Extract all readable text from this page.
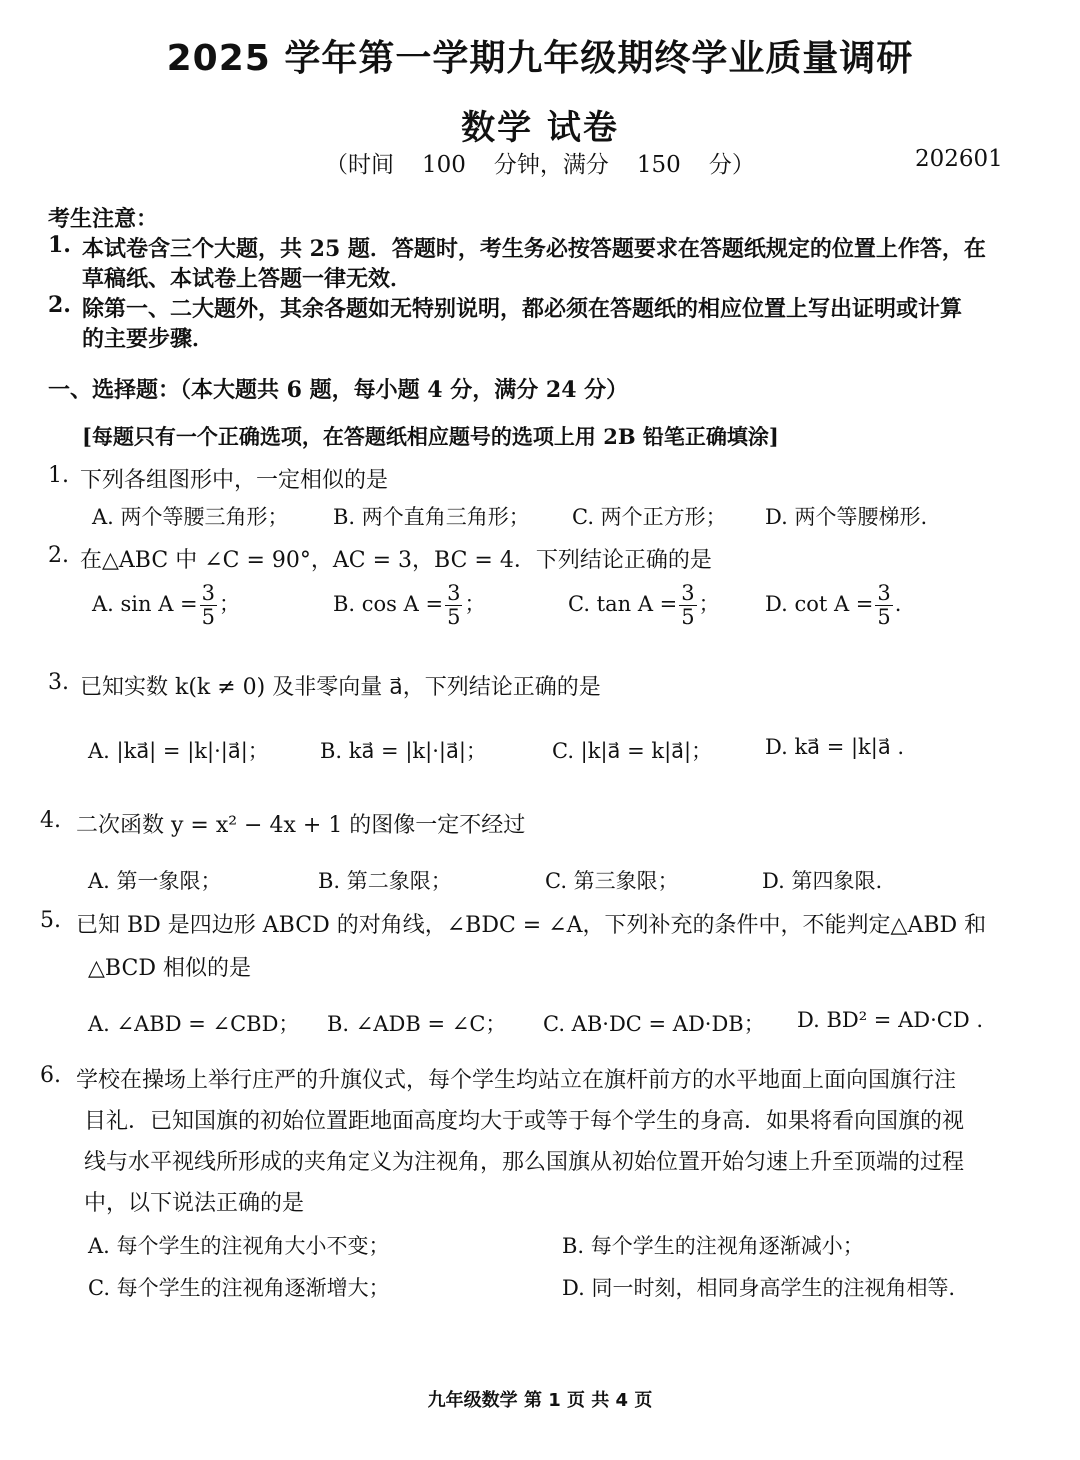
2025 学年第一学期九年级期终学业质量调研
数学 试卷
（时间 100 分钟，满分 150 分）	202601
考生注意：
1. 本试卷含三个大题，共 25 题．答题时，考生务必按答题要求在答题纸规定的位置上作答，在
草稿纸、本试卷上答题一律无效．
2. 除第一、二大题外，其余各题如无特别说明，都必须在答题纸的相应位置上写出证明或计算
的主要步骤．
一、选择题：（本大题共 6 题，每小题 4 分，满分 24 分）
[每题只有一个正确选项，在答题纸相应题号的选项上用 2B 铅笔正确填涂]
1. 下列各组图形中，一定相似的是
A. 两个等腰三角形； B. 两个直角三角形； C. 两个正方形； D. 两个等腰梯形.
2. 在△ABC 中 ∠C = 90°，AC = 3，BC = 4．下列结论正确的是
A. $\sin A = \frac{3}{5}$ ；	B. $\cos A = \frac{3}{5}$ ；	C. $\tan A = \frac{3}{5}$ ； D. $\cot A = \frac{3}{5}$ .
3. 已知实数 k(k ≠ 0) 及非零向量 a⃗，下列结论正确的是
A. |ka⃗| = |k|·|a⃗|； B. ka⃗ = |k|·|a⃗|；	C. |k|a⃗ = k|a⃗|；	D. ka⃗ = |k|a⃗ .
4. 二次函数 y = x² − 4x + 1 的图像一定不经过
A. 第一象限；	B. 第二象限；	C. 第三象限；	D. 第四象限.
5. 已知 BD 是四边形 ABCD 的对角线，∠BDC = ∠A，下列补充的条件中，不能判定△ABD 和
△BCD 相似的是
A. ∠ABD = ∠CBD； B. ∠ADB = ∠C； C. AB·DC = AD·DB； D. BD² = AD·CD .
6. 学校在操场上举行庄严的升旗仪式，每个学生均站立在旗杆前方的水平地面上面向国旗行注
目礼．已知国旗的初始位置距地面高度均大于或等于每个学生的身高．如果将看向国旗的视
线与水平视线所形成的夹角定义为注视角，那么国旗从初始位置开始匀速上升至顶端的过程
中，以下说法正确的是
A. 每个学生的注视角大小不变；	B. 每个学生的注视角逐渐减小；
C. 每个学生的注视角逐渐增大；	D. 同一时刻，相同身高学生的注视角相等.
九年级数学 第 1 页 共 4 页
